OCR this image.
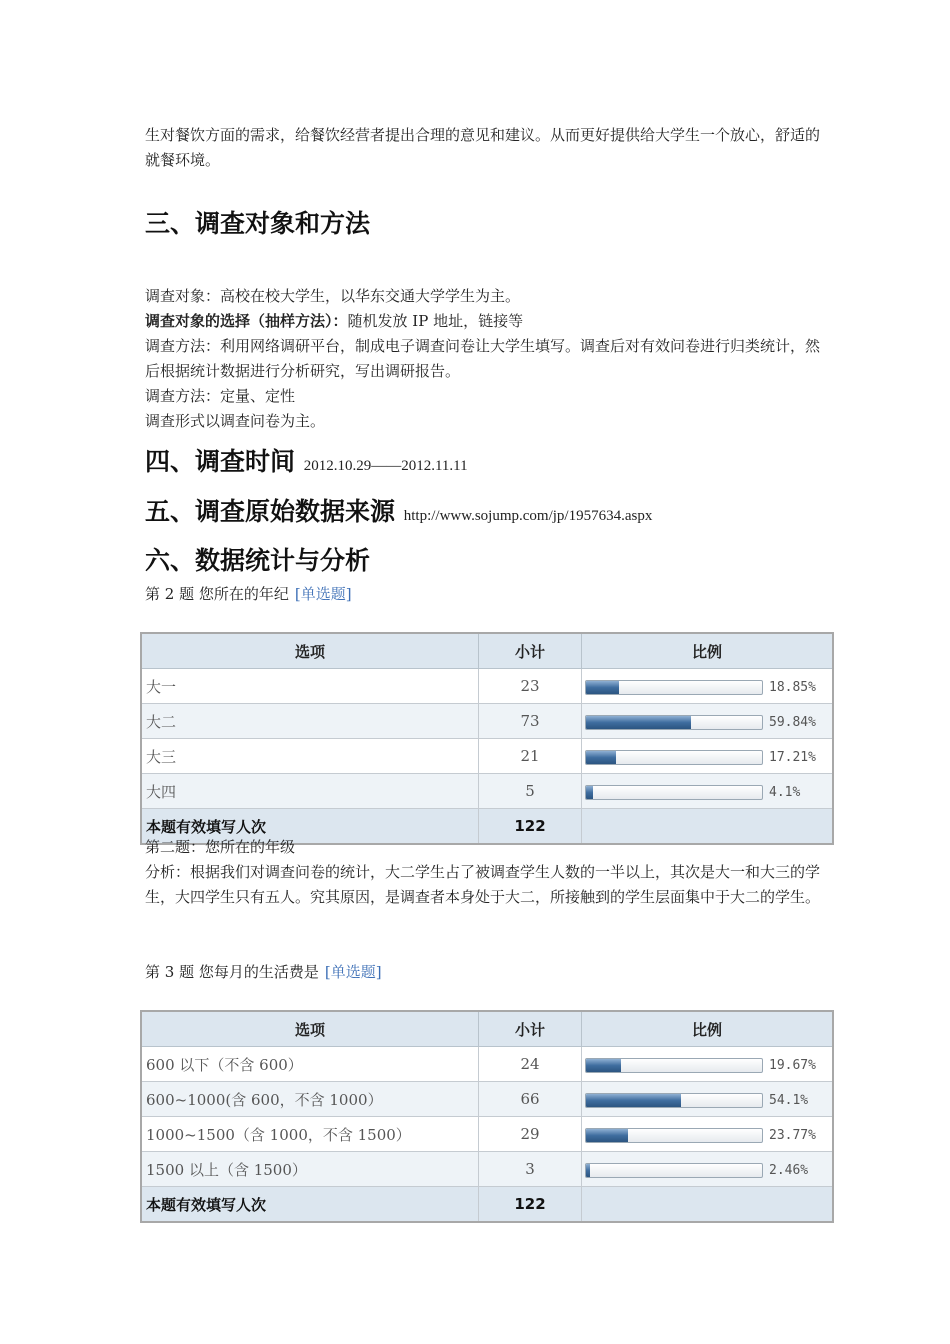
生对餐饮方面的需求，给餐饮经营者提出合理的意见和建议。从而更好提供给大学生一个放心，舒适的就餐环境。

三、调查对象和方法

调查对象：高校在校大学生，以华东交通大学学生为主。

调查对象的选择（抽样方法）：随机发放 IP 地址，链接等

调查方法：利用网络调研平台，制成电子调查问卷让大学生填写。调查后对有效问卷进行归类统计，然后根据统计数据进行分析研究，写出调研报告。

调查方法：定量、定性

调查形式以调查问卷为主。

四、调查时间 2012.10.29——2012.11.11
五、调查原始数据来源 http://www.sojump.com/jp/1957634.aspx
六、数据统计与分析
第 2 题 您所在的年纪 [单选题]
选项	小计	比例
大一	23	18.85%
大二	73	59.84%
大三	21	17.21%
大四	5	4.1%
本题有效填写人次	122	

第二题：您所在的年级

分析：根据我们对调查问卷的统计，大二学生占了被调查学生人数的一半以上，其次是大一和大三的学生，大四学生只有五人。究其原因，是调查者本身处于大二，所接触到的学生层面集中于大二的学生。

第 3 题 您每月的生活费是 [单选题]
选项	小计	比例
600 以下（不含 600）	24	19.67%
600~1000(含 600，不含 1000）	66	54.1%
1000~1500（含 1000，不含 1500）	29	23.77%
1500 以上（含 1500）	3	2.46%
本题有效填写人次	122	
